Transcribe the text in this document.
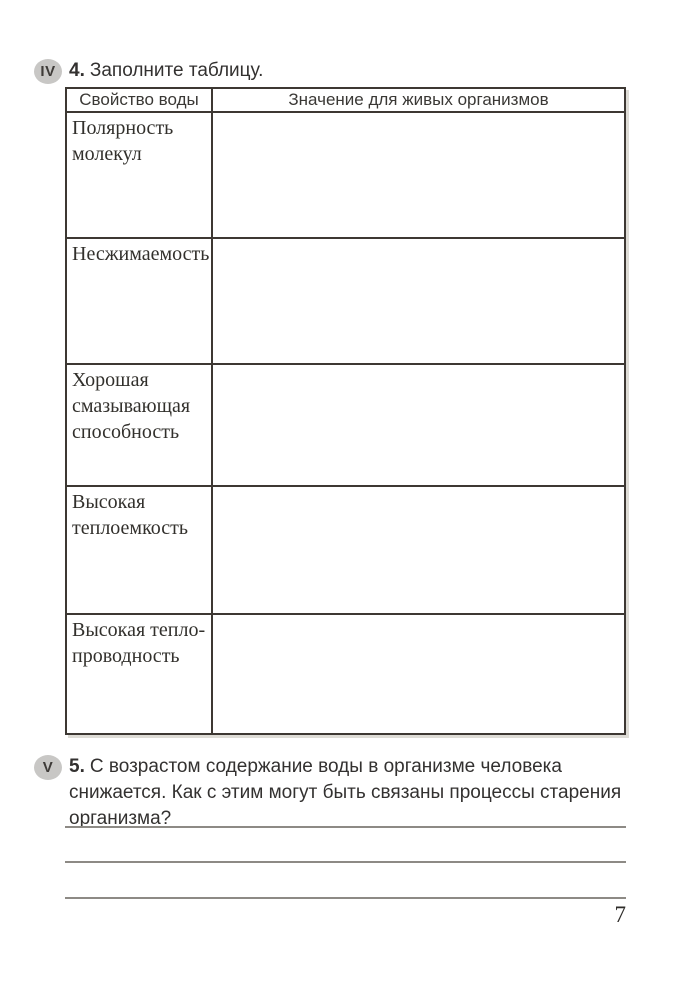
IV 4. Заполните таблицу.
Свойство воды	Значение для живых организмов
Полярность молекул	
Несжимаемость	
Хорошая смазывающая способность	
Высокая теплоемкость	
Высокая тепло-проводность	
V 5. С возрастом содержание воды в организме человека снижается. Как с этим могут быть связаны процессы старения организма?
7
